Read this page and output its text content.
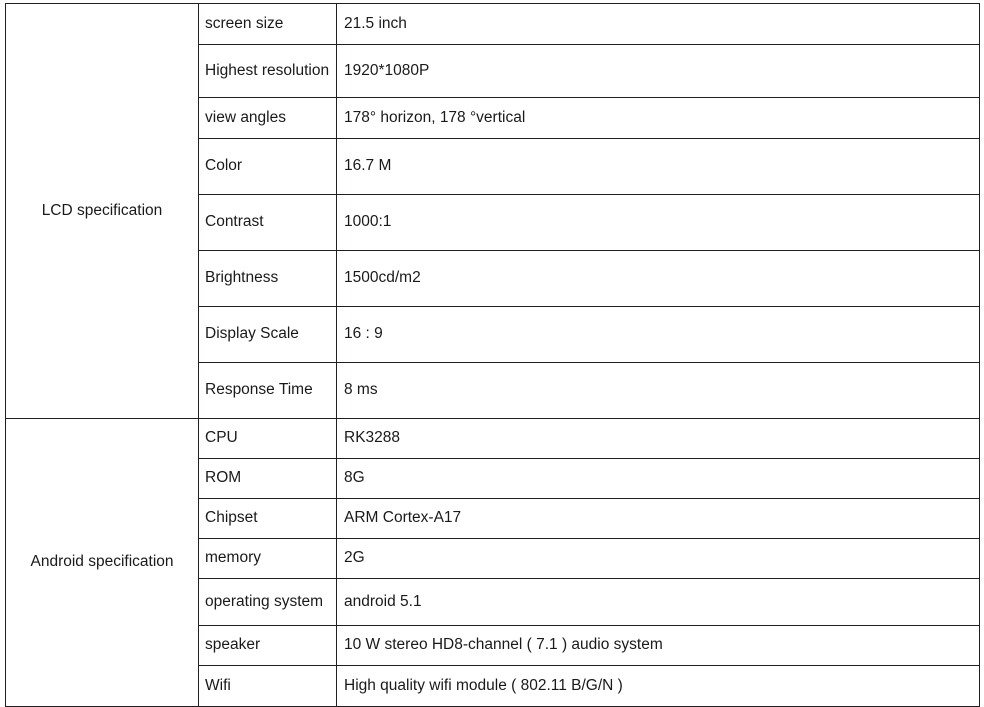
LCD specification	screen size	21.5 inch
	Highest resolution	1920*1080P
	view angles	178° horizon, 178 °vertical
	Color	16.7 M
	Contrast	1000:1
	Brightness	1500cd/m2
	Display Scale	16 : 9
	Response Time	8 ms
Android specification	CPU	RK3288
	ROM	8G
	Chipset	ARM Cortex-A17
	memory	2G

	operating system	android 5.1
	speaker	10 W stereo HD8-channel ( 7.1 ) audio system
	Wifi	High quality wifi module ( 802.11 B/G/N )
